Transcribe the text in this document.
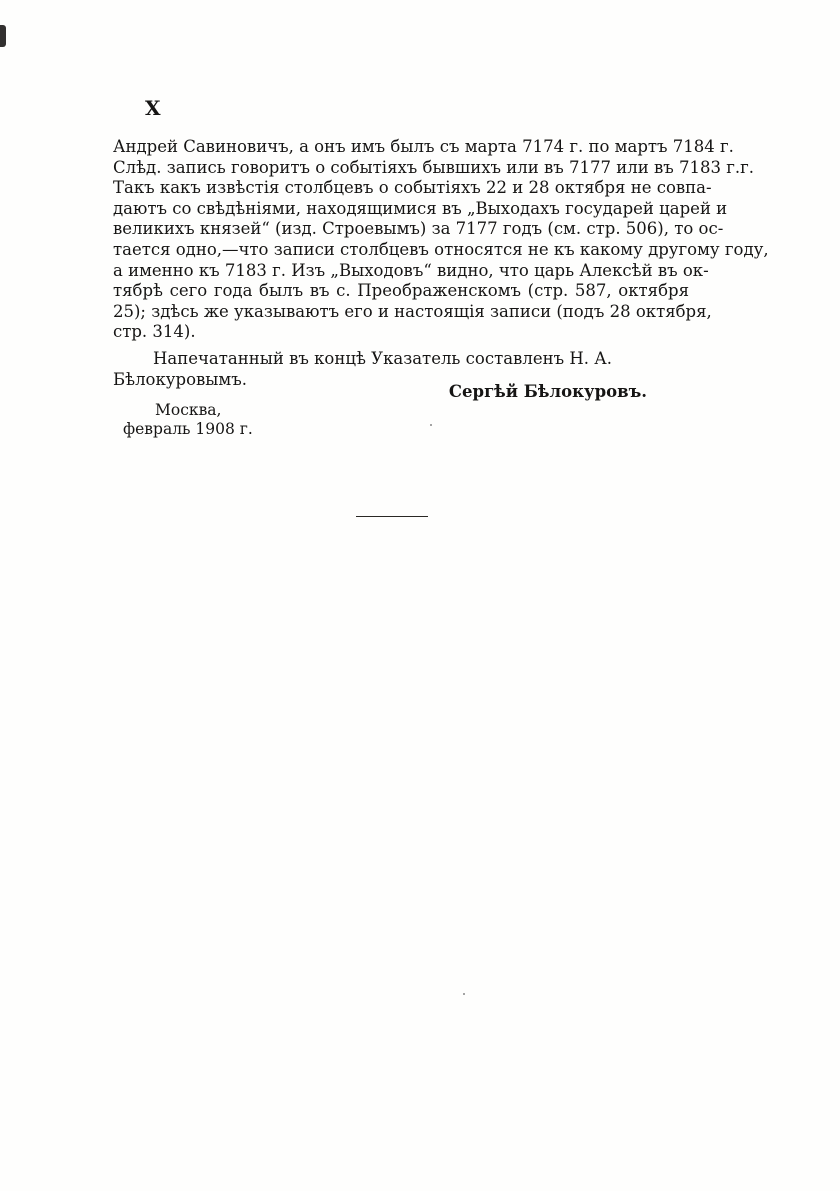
X
Андрей Савиновичъ, а онъ имъ былъ съ марта 7174 г. по мартъ 7184 г.
Слѣд. запись говоритъ о событіяхъ бывшихъ или въ 7177 или въ 7183 г.г.
Такъ какъ извѣстія столбцевъ о событіяхъ 22 и 28 октября не совпа-
даютъ со свѣдѣніями, находящимися въ „Выходахъ государей царей и
великихъ князей“ (изд. Строевымъ) за 7177 годъ (см. стр. 506), то ос-
тается одно,—что записи столбцевъ относятся не къ какому другому году,
а именно къ 7183 г. Изъ „Выходовъ“ видно, что царь Алексѣй въ ок-
тябрѣ сего года былъ въ с. Преображенскомъ (стр. 587, октября
25); здѣсь же указываютъ его и настоящія записи (подъ 28 октября,
стр. 314).
Напечатанный въ концѣ Указатель составленъ Н. А. Бѣлокуровымъ.
Сергѣй Бѣлокуровъ.
Москва,
февраль 1908 г.
